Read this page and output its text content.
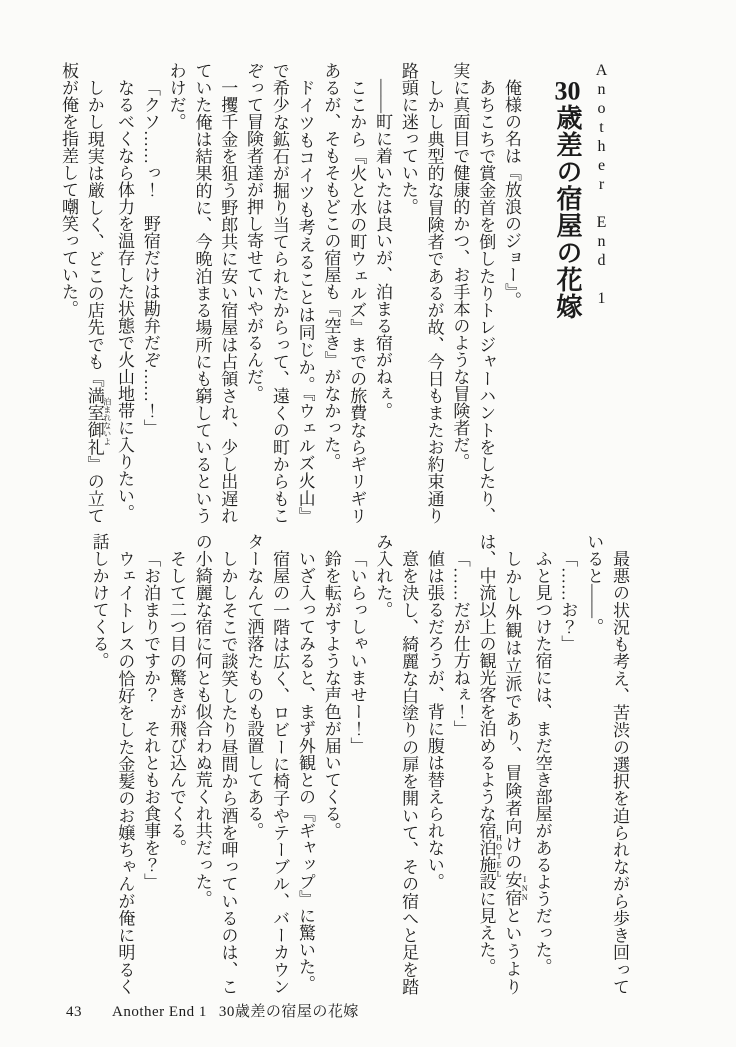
Another End 1 30歳差の宿屋の花嫁

俺様の名は『放浪のジョー』。

あちこちで賞金首を倒したりトレジャーハントをしたり、実に真面目で健康的かつ、お手本のような冒険者だ。

しかし典型的な冒険者であるが故、今日もまたお約束通り路頭に迷っていた。

――町に着いたは良いが、泊まる宿がねぇ。

ここから『火と水の町ウェルズ』までの旅費ならギリギリあるが、そもそもどこの宿屋も『空き』がなかった。

ドイツもコイツも考えることは同じか。『ウェルズ火山』で希少な鉱石が掘り当てられたからって、遠くの町からもこぞって冒険者達が押し寄せていやがるんだ。

一攫千金を狙う野郎共に安い宿屋は占領され、少し出遅れていた俺は結果的に、今晩泊まる場所にも窮しているというわけだ。

「クソ……っ！　野宿だけは勘弁だぞ……！」

なるべくなら体力を温存した状態で火山地帯に入りたい。

しかし現実は厳しく、どこの店先でも『満室御礼 泊まれないよ』の立て板が俺を指差して嘲笑っていた。

最悪の状況も考え、苦渋の選択を迫られながら歩き回っていると――。

「……お？」

ふと見つけた宿には、まだ空き部屋があるようだった。

しかし外観は立派であり、冒険者向けの安宿 INNというよりは、中流以上の観光客を泊めるような宿泊施設 HOTELに見えた。

「……だが仕方ねぇ！」

値は張るだろうが、背に腹は替えられない。

意を決し、綺麗な白塗りの扉を開いて、その宿へと足を踏み入れた。

「いらっしゃいませー！」

鈴を転がすような声色が届いてくる。

いざ入ってみると、まず外観との『ギャップ』に驚いた。

宿屋の一階は広く、ロビーに椅子やテーブル、バーカウンターなんて洒落たものも設置してある。

しかしそこで談笑したり昼間から酒を呷っているのは、この小綺麗な宿に何とも似合わぬ荒くれ共だった。

そして二つ目の驚きが飛び込んでくる。

「お泊まりですか？　それともお食事を？」

ウェイトレスの恰好をした金髪のお嬢ちゃんが俺に明るく話しかけてくる。

43 Another End 1 30歳差の宿屋の花嫁
